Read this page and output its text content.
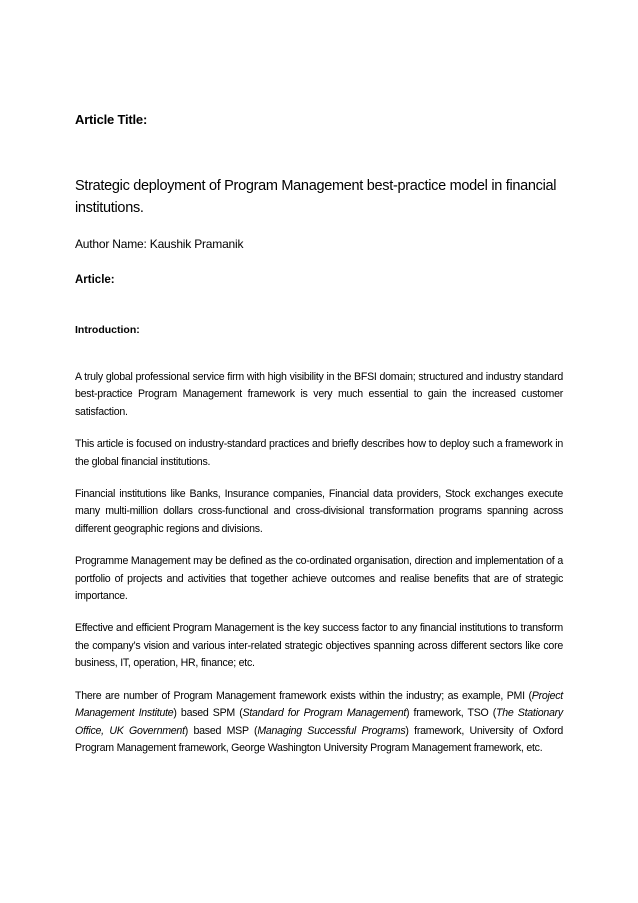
Article Title:

Strategic deployment of Program Management best-practice model in financial institutions.

Author Name: Kaushik Pramanik

Article:

Introduction:

A truly global professional service firm with high visibility in the BFSI domain; structured and industry standard best-practice Program Management framework is very much essential to gain the increased customer satisfaction.

This article is focused on industry-standard practices and briefly describes how to deploy such a framework in the global financial institutions.

Financial institutions like Banks, Insurance companies, Financial data providers, Stock exchanges execute many multi-million dollars cross-functional and cross-divisional transformation programs spanning across different geographic regions and divisions.

Programme Management may be defined as the co-ordinated organisation, direction and implementation of a portfolio of projects and activities that together achieve outcomes and realise benefits that are of strategic importance.

Effective and efficient Program Management is the key success factor to any financial institutions to transform the company’s vision and various inter-related strategic objectives spanning across different sectors like core business, IT, operation, HR, finance; etc.

There are number of Program Management framework exists within the industry; as example, PMI (Project Management Institute) based SPM (Standard for Program Management) framework, TSO (The Stationary Office, UK Government) based MSP (Managing Successful Programs) framework, University of Oxford Program Management framework, George Washington University Program Management framework, etc.
